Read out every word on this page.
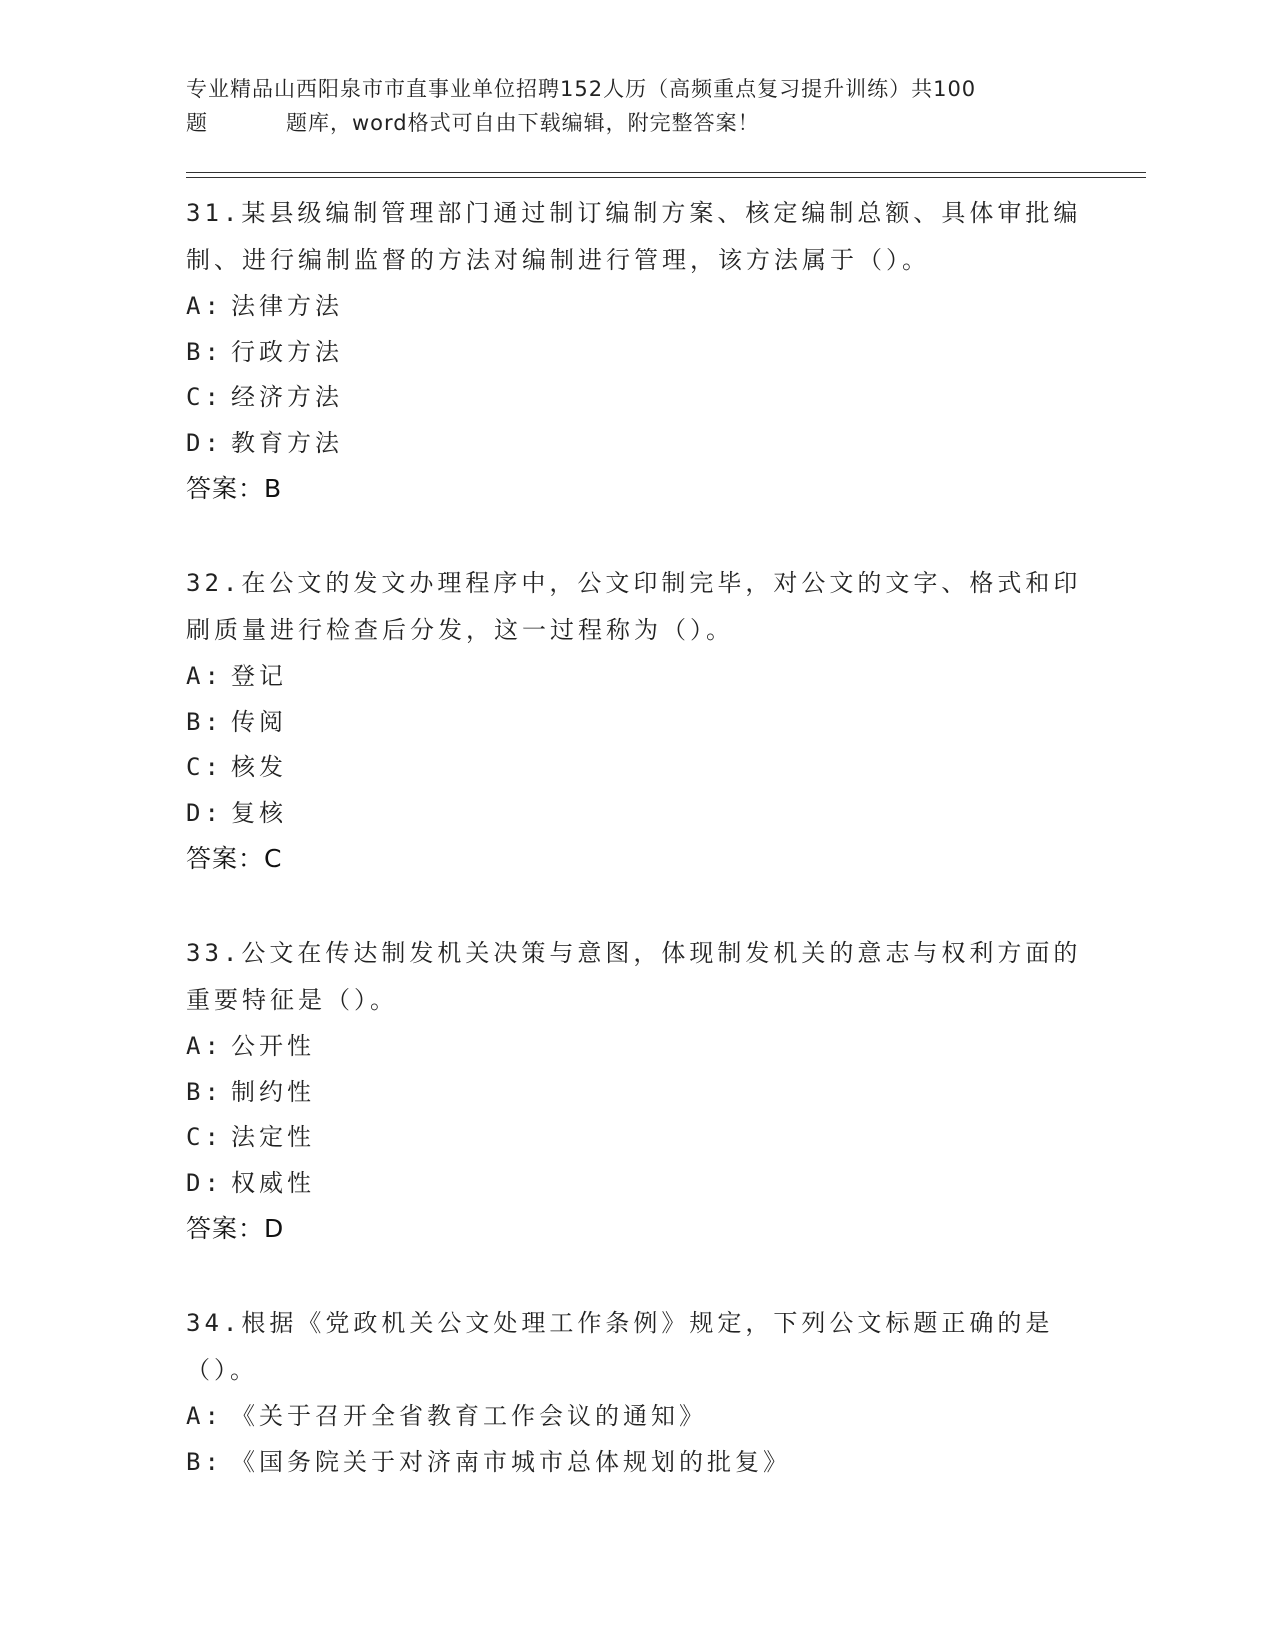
专业精品山西阳泉市市直事业单位招聘152人历（高频重点复习提升训练）共100
题	题库，word格式可自由下载编辑，附完整答案！

31.某县级编制管理部门通过制订编制方案、核定编制总额、具体审批编制、进行编制监督的方法对编制进行管理，该方法属于（）。

A: 法律方法
B: 行政方法
C: 经济方法
D: 教育方法
答案：B

32.在公文的发文办理程序中，公文印制完毕，对公文的文字、格式和印刷质量进行检查后分发，这一过程称为（）。

A: 登记
B: 传阅
C: 核发
D: 复核
答案：C

33.公文在传达制发机关决策与意图，体现制发机关的意志与权利方面的重要特征是（）。

A: 公开性
B: 制约性
C: 法定性
D: 权威性
答案：D

34.根据《党政机关公文处理工作条例》规定，下列公文标题正确的是（）。

A: 《关于召开全省教育工作会议的通知》
B: 《国务院关于对济南市城市总体规划的批复》
